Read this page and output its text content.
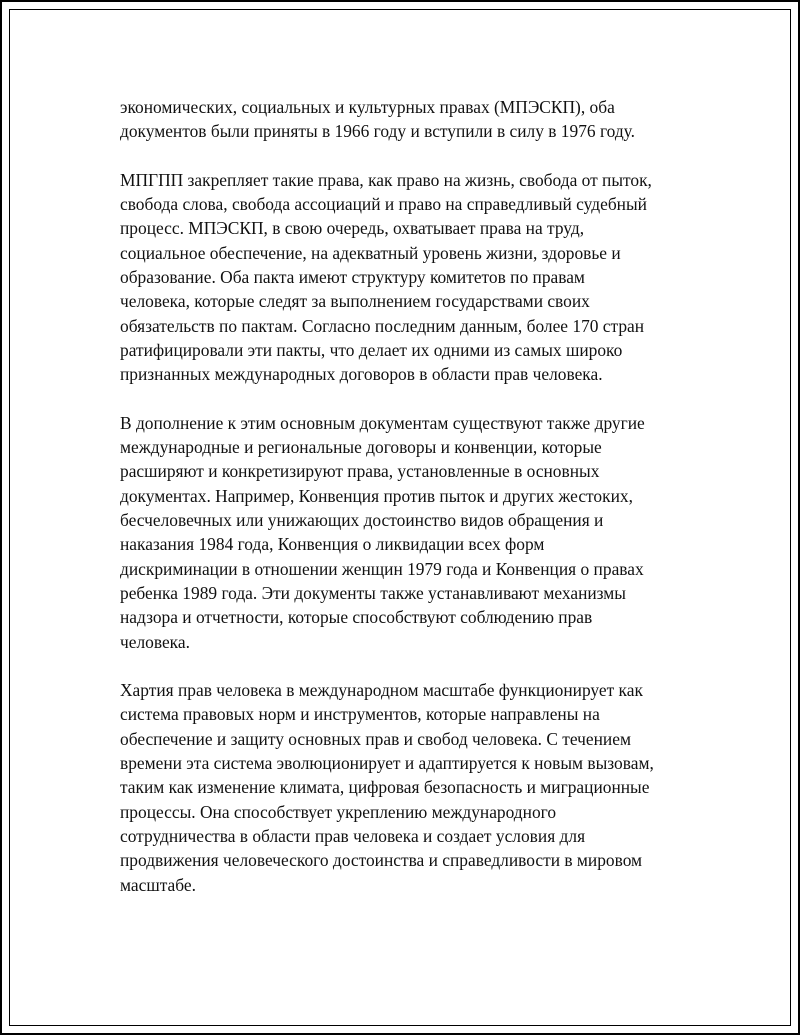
экономических, социальных и культурных правах (МПЭСКП), оба
документов были приняты в 1966 году и вступили в силу в 1976 году.

МПГПП закрепляет такие права, как право на жизнь, свобода от пыток,
свобода слова, свобода ассоциаций и право на справедливый судебный
процесс. МПЭСКП, в свою очередь, охватывает права на труд,
социальное обеспечение, на адекватный уровень жизни, здоровье и
образование. Оба пакта имеют структуру комитетов по правам
человека, которые следят за выполнением государствами своих
обязательств по пактам. Согласно последним данным, более 170 стран
ратифицировали эти пакты, что делает их одними из самых широко
признанных международных договоров в области прав человека.

В дополнение к этим основным документам существуют также другие
международные и региональные договоры и конвенции, которые
расширяют и конкретизируют права, установленные в основных
документах. Например, Конвенция против пыток и других жестоких,
бесчеловечных или унижающих достоинство видов обращения и
наказания 1984 года, Конвенция о ликвидации всех форм
дискриминации в отношении женщин 1979 года и Конвенция о правах
ребенка 1989 года. Эти документы также устанавливают механизмы
надзора и отчетности, которые способствуют соблюдению прав
человека.

Хартия прав человека в международном масштабе функционирует как
система правовых норм и инструментов, которые направлены на
обеспечение и защиту основных прав и свобод человека. С течением
времени эта система эволюционирует и адаптируется к новым вызовам,
таким как изменение климата, цифровая безопасность и миграционные
процессы. Она способствует укреплению международного
сотрудничества в области прав человека и создает условия для
продвижения человеческого достоинства и справедливости в мировом
масштабе.
